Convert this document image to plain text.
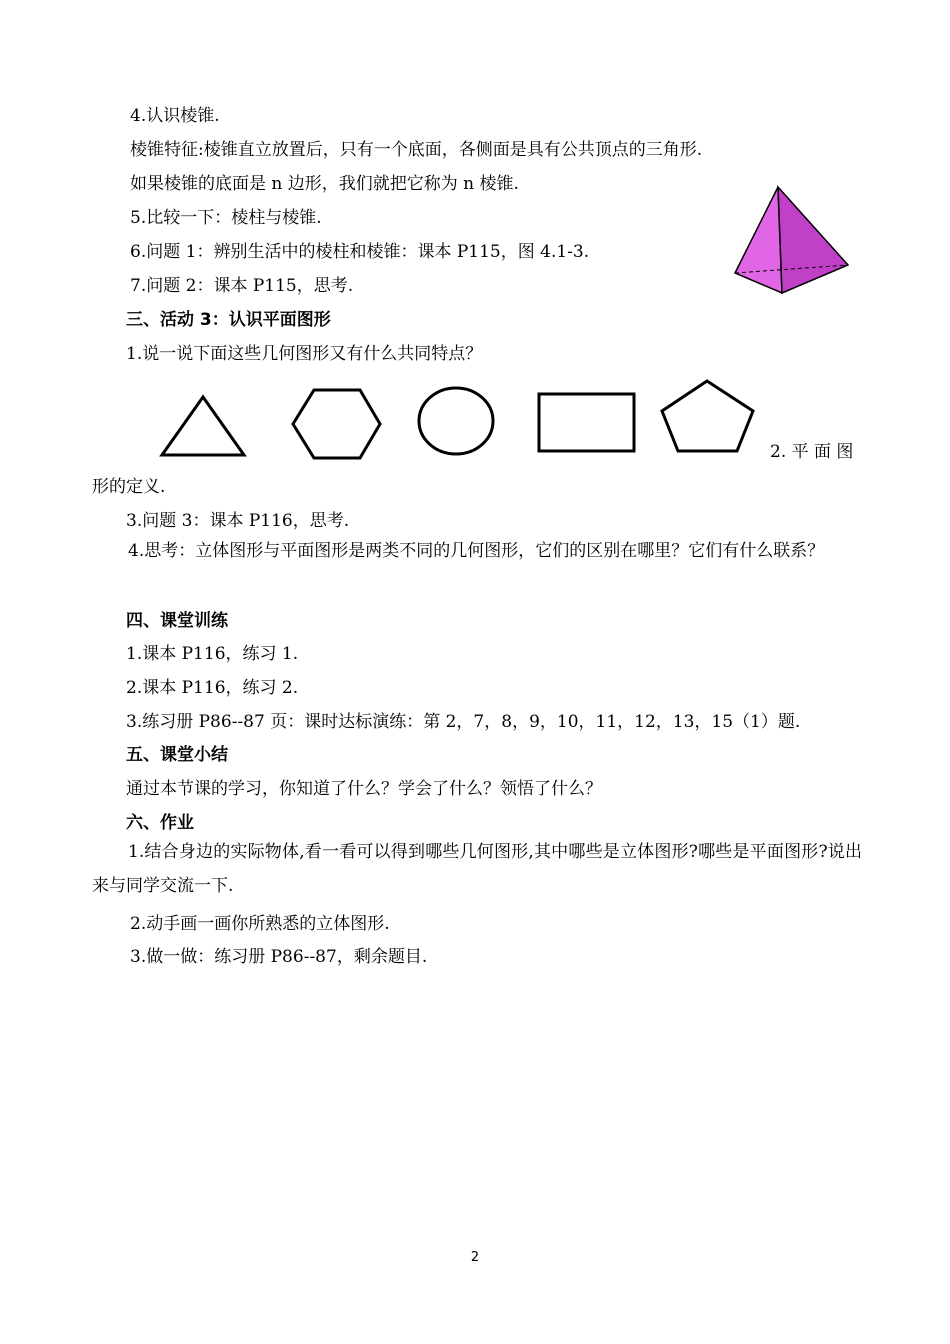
4.认识棱锥.
棱锥特征:棱锥直立放置后，只有一个底面，各侧面是具有公共顶点的三角形.
如果棱锥的底面是 n 边形，我们就把它称为 n 棱锥.
5.比较一下：棱柱与棱锥.
6.问题 1：辨别生活中的棱柱和棱锥：课本 P115，图 4.1-3.
7.问题 2：课本 P115，思考.
三、活动 3：认识平面图形
1.说一说下面这些几何图形又有什么共同特点？
2. 平 面 图
形的定义.
3.问题 3：课本 P116，思考.
4.思考：立体图形与平面图形是两类不同的几何图形，它们的区别在哪里？它们有什么联系？
四、课堂训练
1.课本 P116，练习 1.
2.课本 P116，练习 2.
3.练习册 P86--87 页：课时达标演练：第 2，7，8，9，10，11，12，13，15（1）题.
五、课堂小结
通过本节课的学习，你知道了什么？学会了什么？领悟了什么？
六、作业
1.结合身边的实际物体,看一看可以得到哪些几何图形,其中哪些是立体图形?哪些是平面图形?说出来与同学交流一下.
2.动手画一画你所熟悉的立体图形.
3.做一做：练习册 P86--87，剩余题目.
2
